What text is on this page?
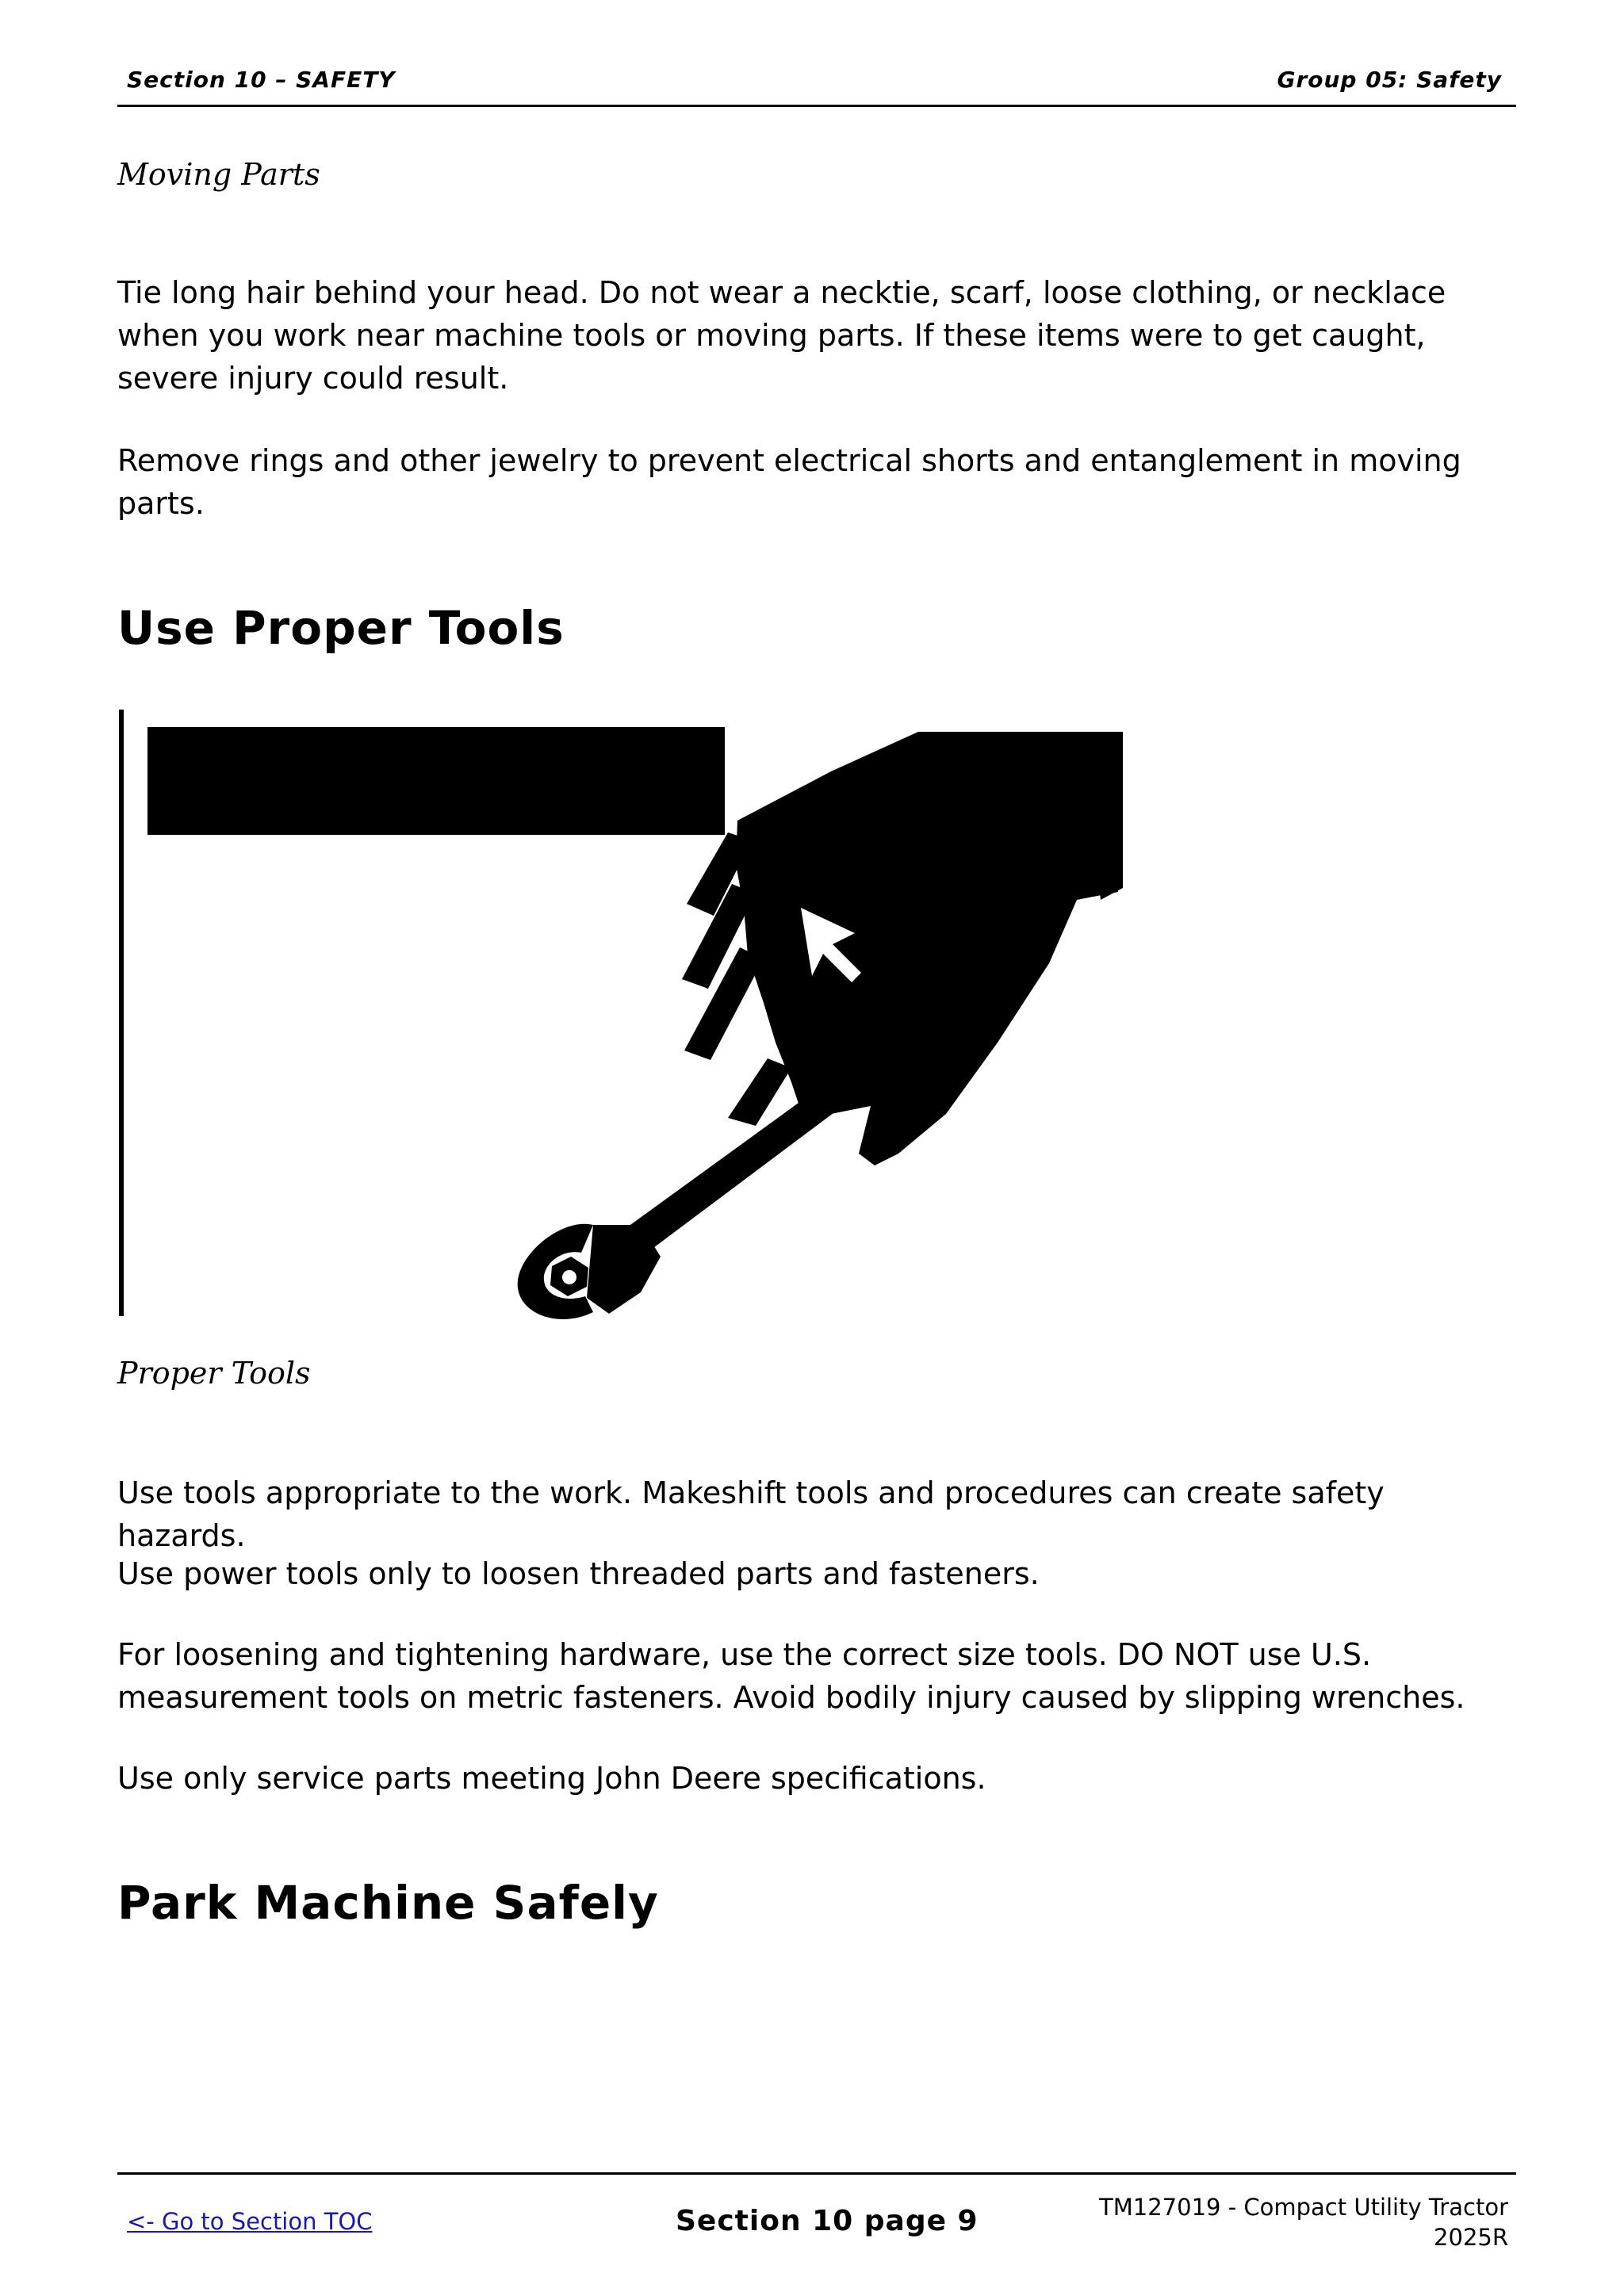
Section 10 – SAFETY	Group 05: Safety
Moving Parts
Tie long hair behind your head. Do not wear a necktie, scarf, loose clothing, or necklace when you work near machine tools or moving parts. If these items were to get caught, severe injury could result.
Remove rings and other jewelry to prevent electrical shorts and entanglement in moving parts.
Use Proper Tools
Proper Tools
Use tools appropriate to the work. Makeshift tools and procedures can create safety hazards.
Use power tools only to loosen threaded parts and fasteners.
For loosening and tightening hardware, use the correct size tools. DO NOT use U.S. measurement tools on metric fasteners. Avoid bodily injury caused by slipping wrenches.
Use only service parts meeting John Deere specifications.
Park Machine Safely
<- Go to Section TOC	Section 10 page 9	TM127019 - Compact Utility Tractor
2025R
